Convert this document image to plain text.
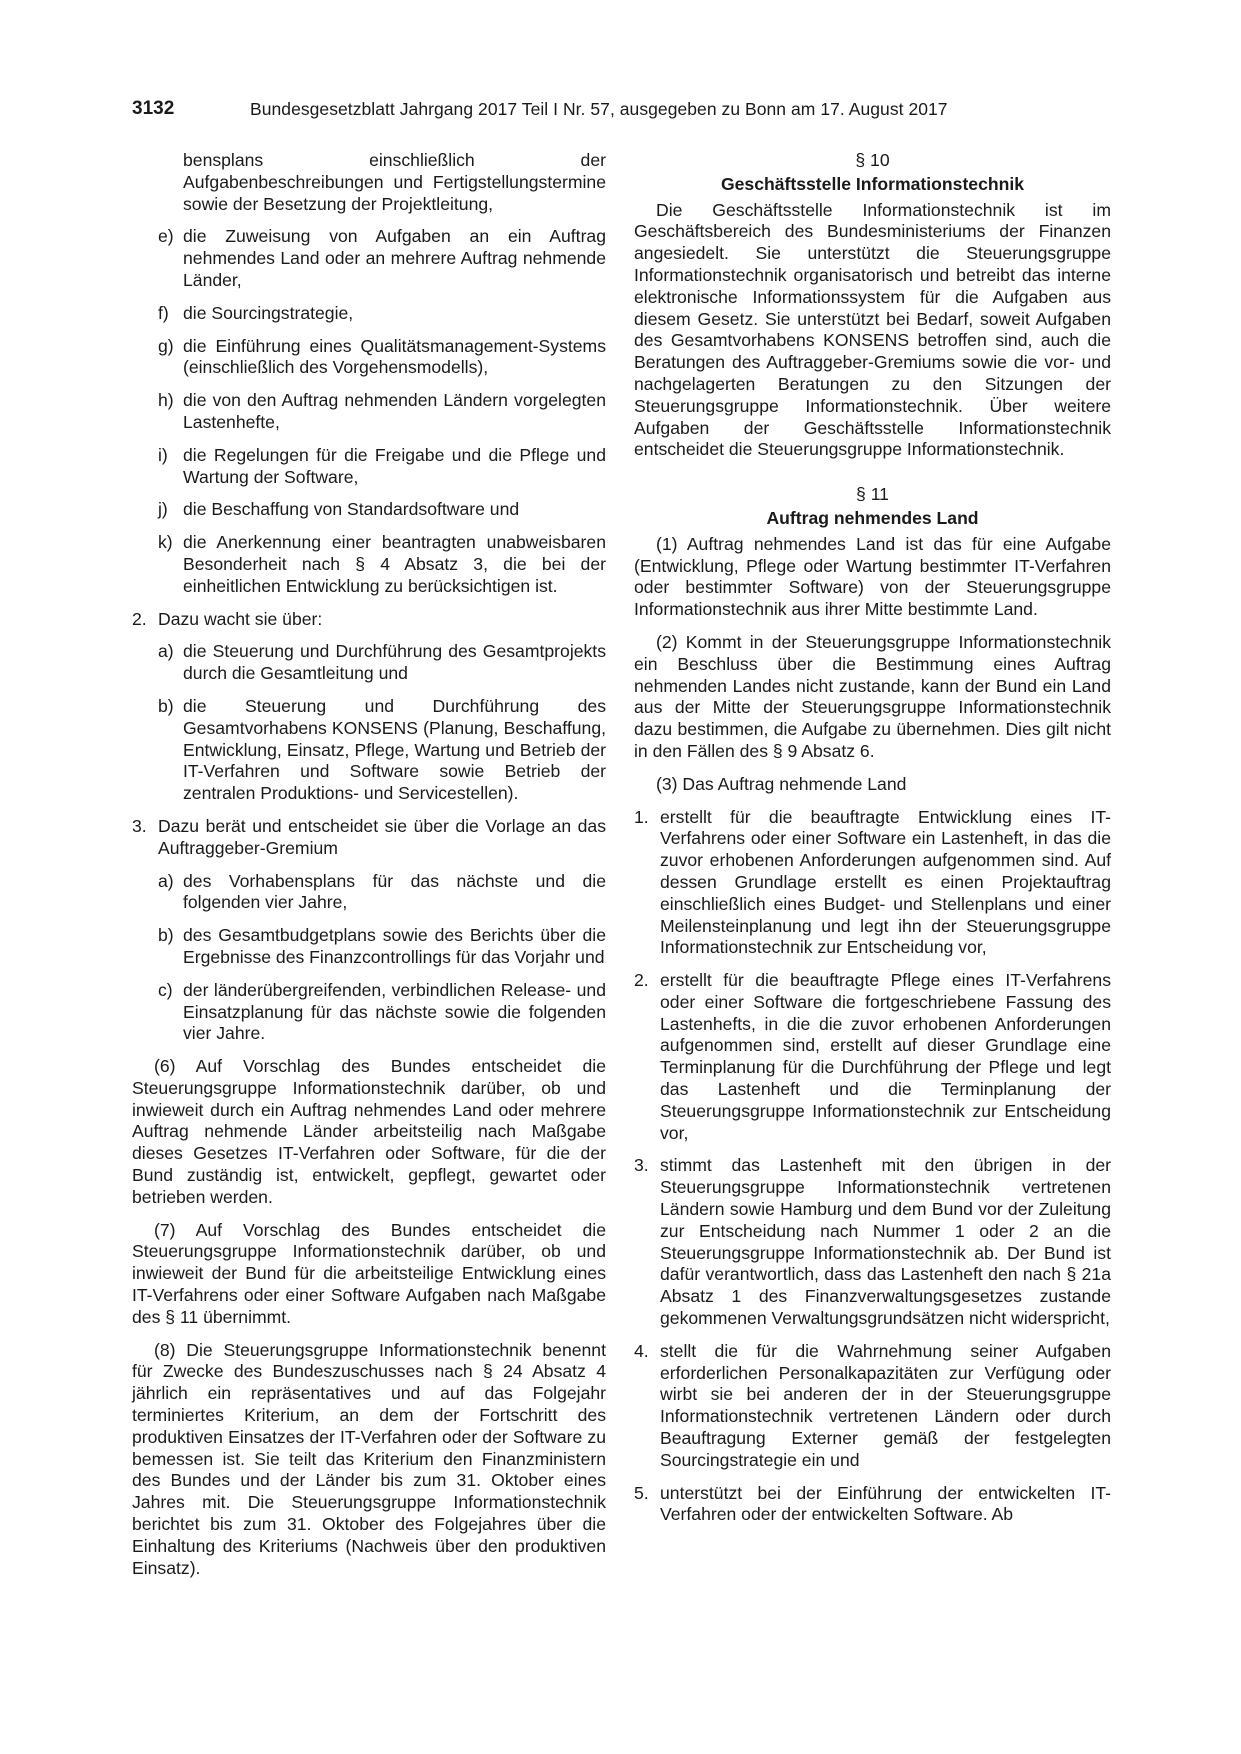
3132	Bundesgesetzblatt Jahrgang 2017 Teil I Nr. 57, ausgegeben zu Bonn am 17. August 2017

bensplans einschließlich der Aufgabenbeschreibungen und Fertigstellungstermine sowie der Besetzung der Projektleitung,

e) die Zuweisung von Aufgaben an ein Auftrag nehmendes Land oder an mehrere Auftrag nehmende Länder,
f) die Sourcingstrategie,
g) die Einführung eines Qualitätsmanagement-Systems (einschließlich des Vorgehensmodells),
h) die von den Auftrag nehmenden Ländern vorgelegten Lastenhefte,
i) die Regelungen für die Freigabe und die Pflege und Wartung der Software,
j) die Beschaffung von Standardsoftware und
k) die Anerkennung einer beantragten unabweisbaren Besonderheit nach § 4 Absatz 3, die bei der einheitlichen Entwicklung zu berücksichtigen ist.
2. Dazu wacht sie über:
a) die Steuerung und Durchführung des Gesamtprojekts durch die Gesamtleitung und
b) die Steuerung und Durchführung des Gesamtvorhabens KONSENS (Planung, Beschaffung, Entwicklung, Einsatz, Pflege, Wartung und Betrieb der IT-Verfahren und Software sowie Betrieb der zentralen Produktions- und Servicestellen).
3. Dazu berät und entscheidet sie über die Vorlage an das Auftraggeber-Gremium
a) des Vorhabensplans für das nächste und die folgenden vier Jahre,
b) des Gesamtbudgetplans sowie des Berichts über die Ergebnisse des Finanzcontrollings für das Vorjahr und
c) der länderübergreifenden, verbindlichen Release- und Einsatzplanung für das nächste sowie die folgenden vier Jahre.

(6) Auf Vorschlag des Bundes entscheidet die Steuerungsgruppe Informationstechnik darüber, ob und inwieweit durch ein Auftrag nehmendes Land oder mehrere Auftrag nehmende Länder arbeitsteilig nach Maßgabe dieses Gesetzes IT-Verfahren oder Software, für die der Bund zuständig ist, entwickelt, gepflegt, gewartet oder betrieben werden.

(7) Auf Vorschlag des Bundes entscheidet die Steuerungsgruppe Informationstechnik darüber, ob und inwieweit der Bund für die arbeitsteilige Entwicklung eines IT-Verfahrens oder einer Software Aufgaben nach Maßgabe des § 11 übernimmt.

(8) Die Steuerungsgruppe Informationstechnik benennt für Zwecke des Bundeszuschusses nach § 24 Absatz 4 jährlich ein repräsentatives und auf das Folgejahr terminiertes Kriterium, an dem der Fortschritt des produktiven Einsatzes der IT-Verfahren oder der Software zu bemessen ist. Sie teilt das Kriterium den Finanzministern des Bundes und der Länder bis zum 31. Oktober eines Jahres mit. Die Steuerungsgruppe Informationstechnik berichtet bis zum 31. Oktober des Folgejahres über die Einhaltung des Kriteriums (Nachweis über den produktiven Einsatz).

§ 10

Geschäftsstelle Informationstechnik

Die Geschäftsstelle Informationstechnik ist im Geschäftsbereich des Bundesministeriums der Finanzen angesiedelt. Sie unterstützt die Steuerungsgruppe Informationstechnik organisatorisch und betreibt das interne elektronische Informationssystem für die Aufgaben aus diesem Gesetz. Sie unterstützt bei Bedarf, soweit Aufgaben des Gesamtvorhabens KONSENS betroffen sind, auch die Beratungen des Auftraggeber-Gremiums sowie die vor- und nachgelagerten Beratungen zu den Sitzungen der Steuerungsgruppe Informationstechnik. Über weitere Aufgaben der Geschäftsstelle Informationstechnik entscheidet die Steuerungsgruppe Informationstechnik.

§ 11

Auftrag nehmendes Land

(1) Auftrag nehmendes Land ist das für eine Aufgabe (Entwicklung, Pflege oder Wartung bestimmter IT-Verfahren oder bestimmter Software) von der Steuerungsgruppe Informationstechnik aus ihrer Mitte bestimmte Land.

(2) Kommt in der Steuerungsgruppe Informationstechnik ein Beschluss über die Bestimmung eines Auftrag nehmenden Landes nicht zustande, kann der Bund ein Land aus der Mitte der Steuerungsgruppe Informationstechnik dazu bestimmen, die Aufgabe zu übernehmen. Dies gilt nicht in den Fällen des § 9 Absatz 6.

(3) Das Auftrag nehmende Land

1. erstellt für die beauftragte Entwicklung eines IT-Verfahrens oder einer Software ein Lastenheft, in das die zuvor erhobenen Anforderungen aufgenommen sind. Auf dessen Grundlage erstellt es einen Projektauftrag einschließlich eines Budget- und Stellenplans und einer Meilensteinplanung und legt ihn der Steuerungsgruppe Informationstechnik zur Entscheidung vor,
2. erstellt für die beauftragte Pflege eines IT-Verfahrens oder einer Software die fortgeschriebene Fassung des Lastenhefts, in die die zuvor erhobenen Anforderungen aufgenommen sind, erstellt auf dieser Grundlage eine Terminplanung für die Durchführung der Pflege und legt das Lastenheft und die Terminplanung der Steuerungsgruppe Informationstechnik zur Entscheidung vor,
3. stimmt das Lastenheft mit den übrigen in der Steuerungsgruppe Informationstechnik vertretenen Ländern sowie Hamburg und dem Bund vor der Zuleitung zur Entscheidung nach Nummer 1 oder 2 an die Steuerungsgruppe Informationstechnik ab. Der Bund ist dafür verantwortlich, dass das Lastenheft den nach § 21a Absatz 1 des Finanzverwaltungsgesetzes zustande gekommenen Verwaltungsgrundsätzen nicht widerspricht,
4. stellt die für die Wahrnehmung seiner Aufgaben erforderlichen Personalkapazitäten zur Verfügung oder wirbt sie bei anderen der in der Steuerungsgruppe Informationstechnik vertretenen Ländern oder durch Beauftragung Externer gemäß der festgelegten Sourcingstrategie ein und
5. unterstützt bei der Einführung der entwickelten IT-Verfahren oder der entwickelten Software. Ab
